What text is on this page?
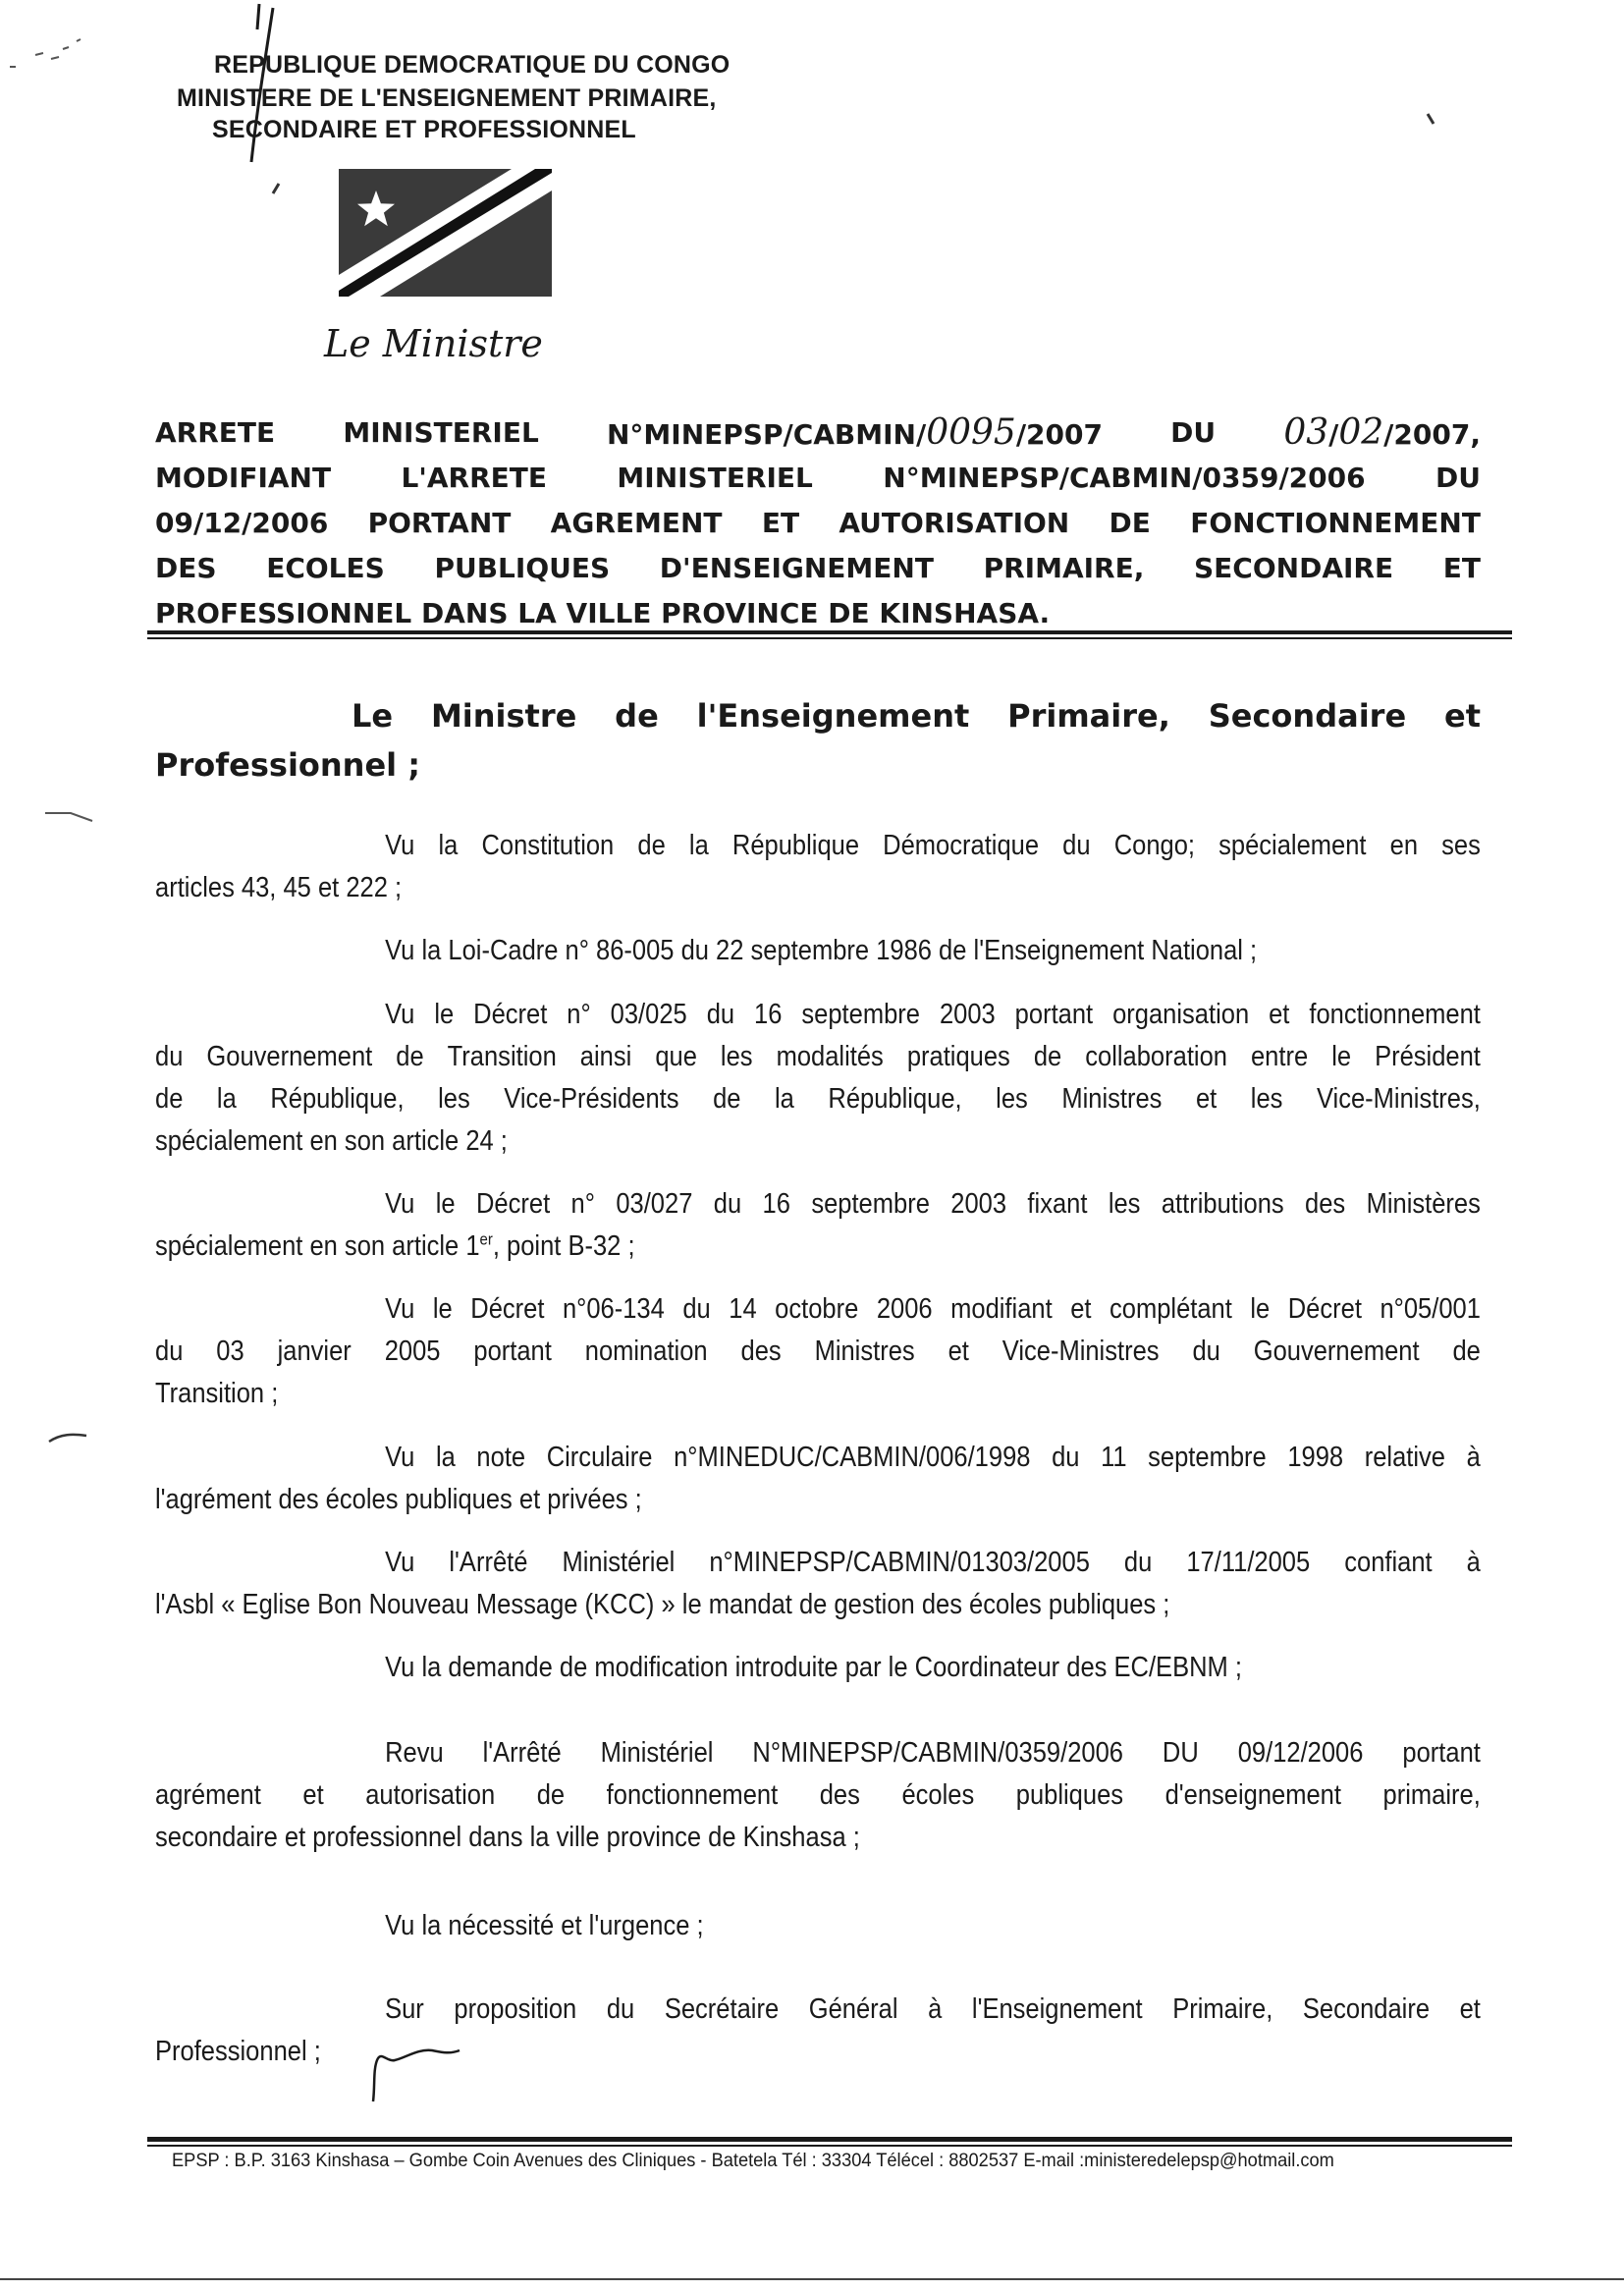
REPUBLIQUE DEMOCRATIQUE DU CONGO
MINISTERE DE L'ENSEIGNEMENT PRIMAIRE,
SECONDAIRE ET PROFESSIONNEL
Le Ministre
ARRETE MINISTERIEL N°MINEPSP/CABMIN/0095/2007 DU 03/02/2007,
MODIFIANT	L'ARRETE	MINISTERIEL	N°MINEPSP/CABMIN/0359/2006	DU
09/12/2006 PORTANT AGREMENT ET AUTORISATION DE FONCTIONNEMENT
DES ECOLES PUBLIQUES D'ENSEIGNEMENT PRIMAIRE, SECONDAIRE ET
PROFESSIONNEL DANS LA VILLE PROVINCE DE KINSHASA.
Le Ministre de l'Enseignement Primaire, Secondaire et
Professionnel ;
Vu la Constitution de la République Démocratique du Congo; spécialement en ses
articles 43, 45 et 222 ;
Vu la Loi-Cadre n° 86-005 du 22 septembre 1986 de l'Enseignement National ;
Vu le Décret n° 03/025 du 16 septembre 2003 portant organisation et fonctionnement
du Gouvernement de Transition ainsi que les modalités pratiques de collaboration entre le Président
de la République, les Vice-Présidents de la République, les Ministres et les Vice-Ministres,
spécialement en son article 24 ;
Vu le Décret n° 03/027 du 16 septembre 2003 fixant les attributions des Ministères
spécialement en son article 1er, point B-32 ;
Vu le Décret n°06-134 du 14 octobre 2006 modifiant et complétant le Décret n°05/001
du 03 janvier 2005 portant nomination des Ministres et Vice-Ministres du Gouvernement de
Transition ;
Vu la note Circulaire n°MINEDUC/CABMIN/006/1998 du 11 septembre 1998 relative à
l'agrément des écoles publiques et privées ;
Vu l'Arrêté Ministériel n°MINEPSP/CABMIN/01303/2005 du 17/11/2005 confiant à
l'Asbl « Eglise Bon Nouveau Message (KCC) » le mandat de gestion des écoles publiques ;
Vu la demande de modification introduite par le Coordinateur des EC/EBNM ;
Revu l'Arrêté Ministériel N°MINEPSP/CABMIN/0359/2006 DU 09/12/2006 portant
agrément et autorisation de fonctionnement des écoles publiques d'enseignement primaire,
secondaire et professionnel dans la ville province de Kinshasa ;
Vu la nécessité et l'urgence ;
Sur proposition du Secrétaire Général à l'Enseignement Primaire, Secondaire et
Professionnel ;
EPSP : B.P. 3163 Kinshasa – Gombe Coin Avenues des Cliniques - Batetela Tél : 33304 Télécel : 8802537 E-mail :ministeredelepsp@hotmail.com
